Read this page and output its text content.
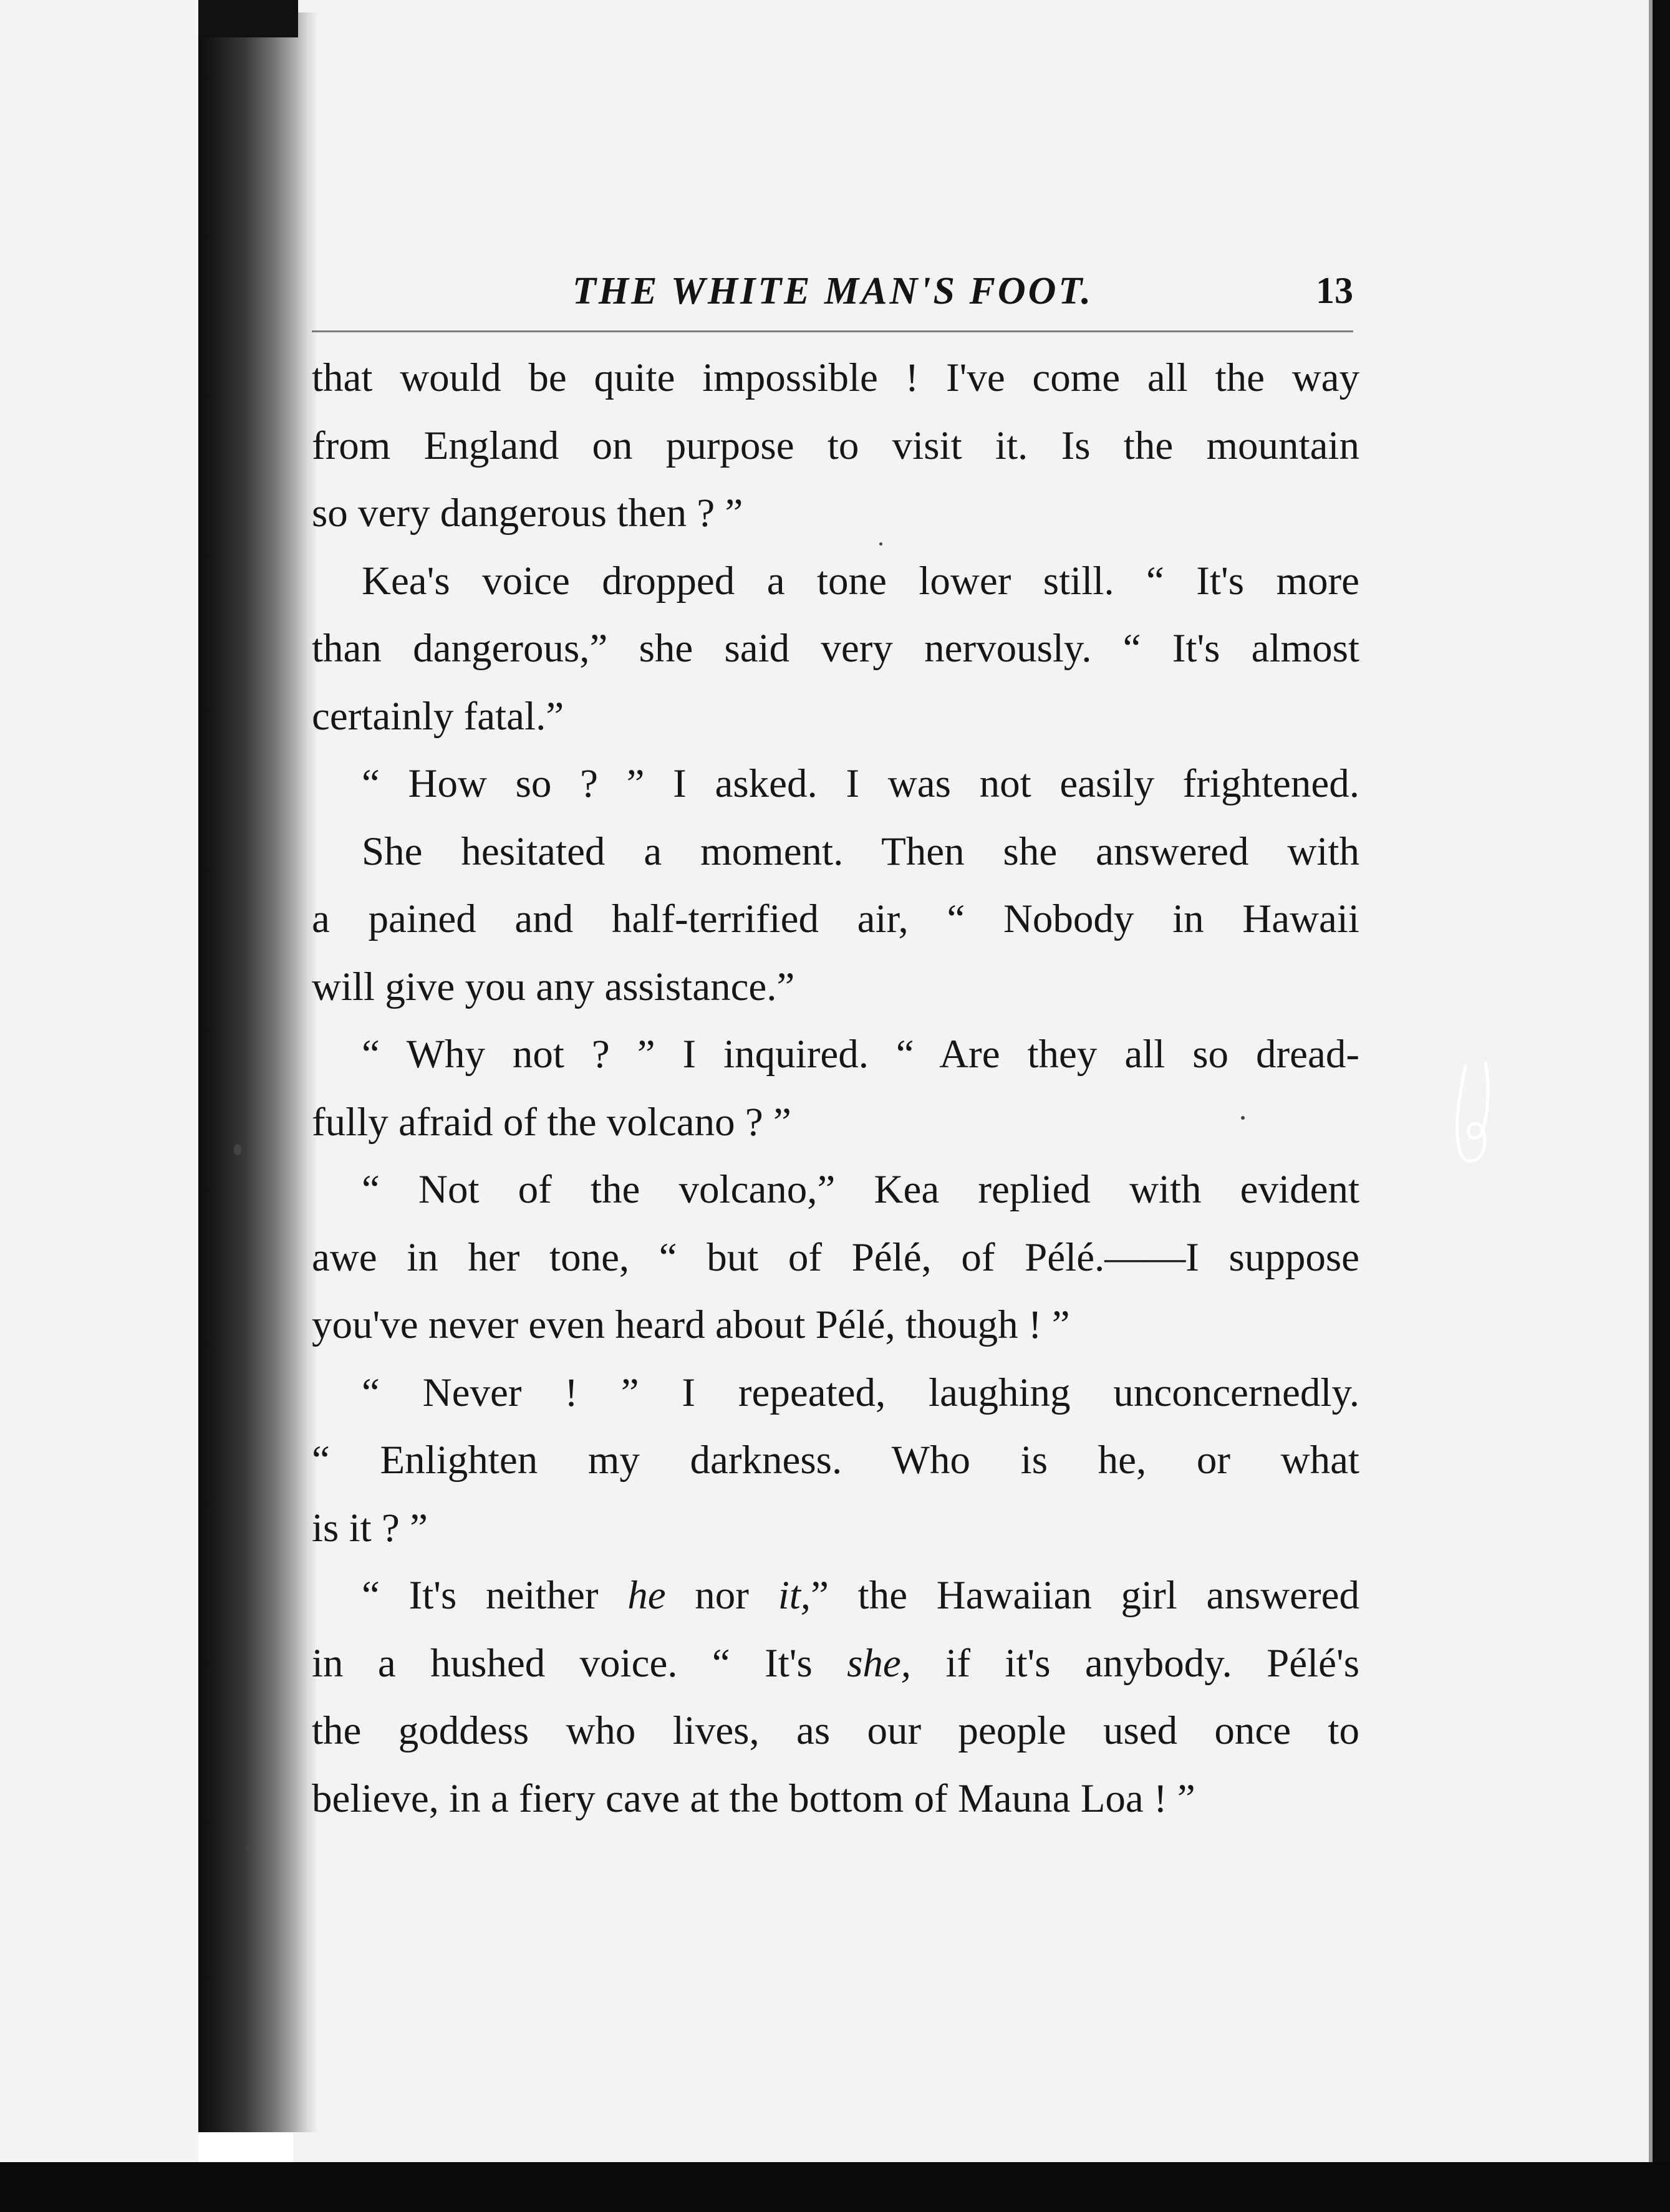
THE WHITE MAN'S FOOT.	13
that would be quite impossible ! I've come all the way
from England on purpose to visit it. Is the mountain
so very dangerous then ? ”
Kea's voice dropped a tone lower still. “ It's more
than dangerous,” she said very nervously. “ It's almost
certainly fatal.”
“ How so ? ” I asked. I was not easily frightened.
She hesitated a moment. Then she answered with
a pained and half-terrified air, “ Nobody in Hawaii
will give you any assistance.”
“ Why not ? ” I inquired. “ Are they all so dread-
fully afraid of the volcano ? ”
“ Not of the volcano,” Kea replied with evident
awe in her tone, “ but of Pélé, of Pélé.——I suppose
you've never even heard about Pélé, though ! ”
“ Never ! ” I repeated, laughing unconcernedly.
“ Enlighten my darkness. Who is he, or what
is it ? ”
“ It's neither he nor it,” the Hawaiian girl answered
in a hushed voice. “ It's she, if it's anybody. Pélé's
the goddess who lives, as our people used once to
believe, in a fiery cave at the bottom of Mauna Loa ! ”
